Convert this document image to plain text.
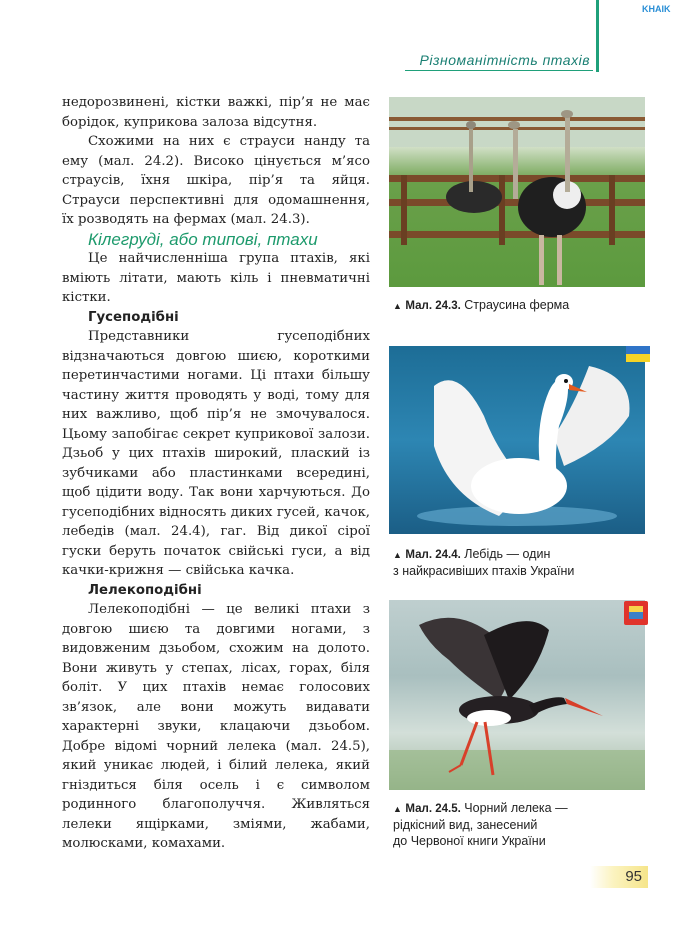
KHAIK
Різноманітність птахів

недорозвинені, кістки важкі, пір’я не має борідок, куприкова залоза відсутня.

Схожими на них є страуси нанду та ему (мал. 24.2). Високо цінується м’ясо страусів, їхня шкіра, пір’я та яйця. Страуси перспективні для одомашнення, їх розводять на фермах (мал. 24.3).

Кілегруді, або типові, птахи

Це найчисленніша група птахів, які вміють літати, мають кіль і пневматичні кістки.

Гусеподібні

Представники гусеподібних відзначаються довгою шиєю, короткими перетинчастими ногами. Ці птахи більшу частину життя проводять у воді, тому для них важливо, щоб пір’я не змочувалося. Цьому запобігає секрет куприкової залози. Дзьоб у цих птахів широкий, плаский із зубчиками або пластинками всередині, щоб цідити воду. Так вони харчуються. До гусеподібних відносять диких гусей, качок, лебедів (мал. 24.4), гаг. Від дикої сірої гуски беруть початок свійські гуси, а від качки-крижня — свійська качка.

Лелекоподібні

Лелекоподібні — це великі птахи з довгою шиєю та довгими ногами, з видовженим дзьобом, схожим на долото. Вони живуть у степах, лісах, горах, біля боліт. У цих птахів немає голосових зв’язок, але вони можуть видавати характерні звуки, клацаючи дзьобом. Добре відомі чорний лелека (мал. 24.5), який уникає людей, і білий лелека, який гніздиться біля осель і є символом родинного благополуччя. Живляться лелеки ящірками, зміями, жабами, молюсками, комахами.

▲ Мал. 24.3. Страусина ферма
▲ Мал. 24.4. Лебідь — один
з найкрасивіших птахів України
▲ Мал. 24.5. Чорний лелека —
рідкісний вид, занесений
до Червоної книги України
95
